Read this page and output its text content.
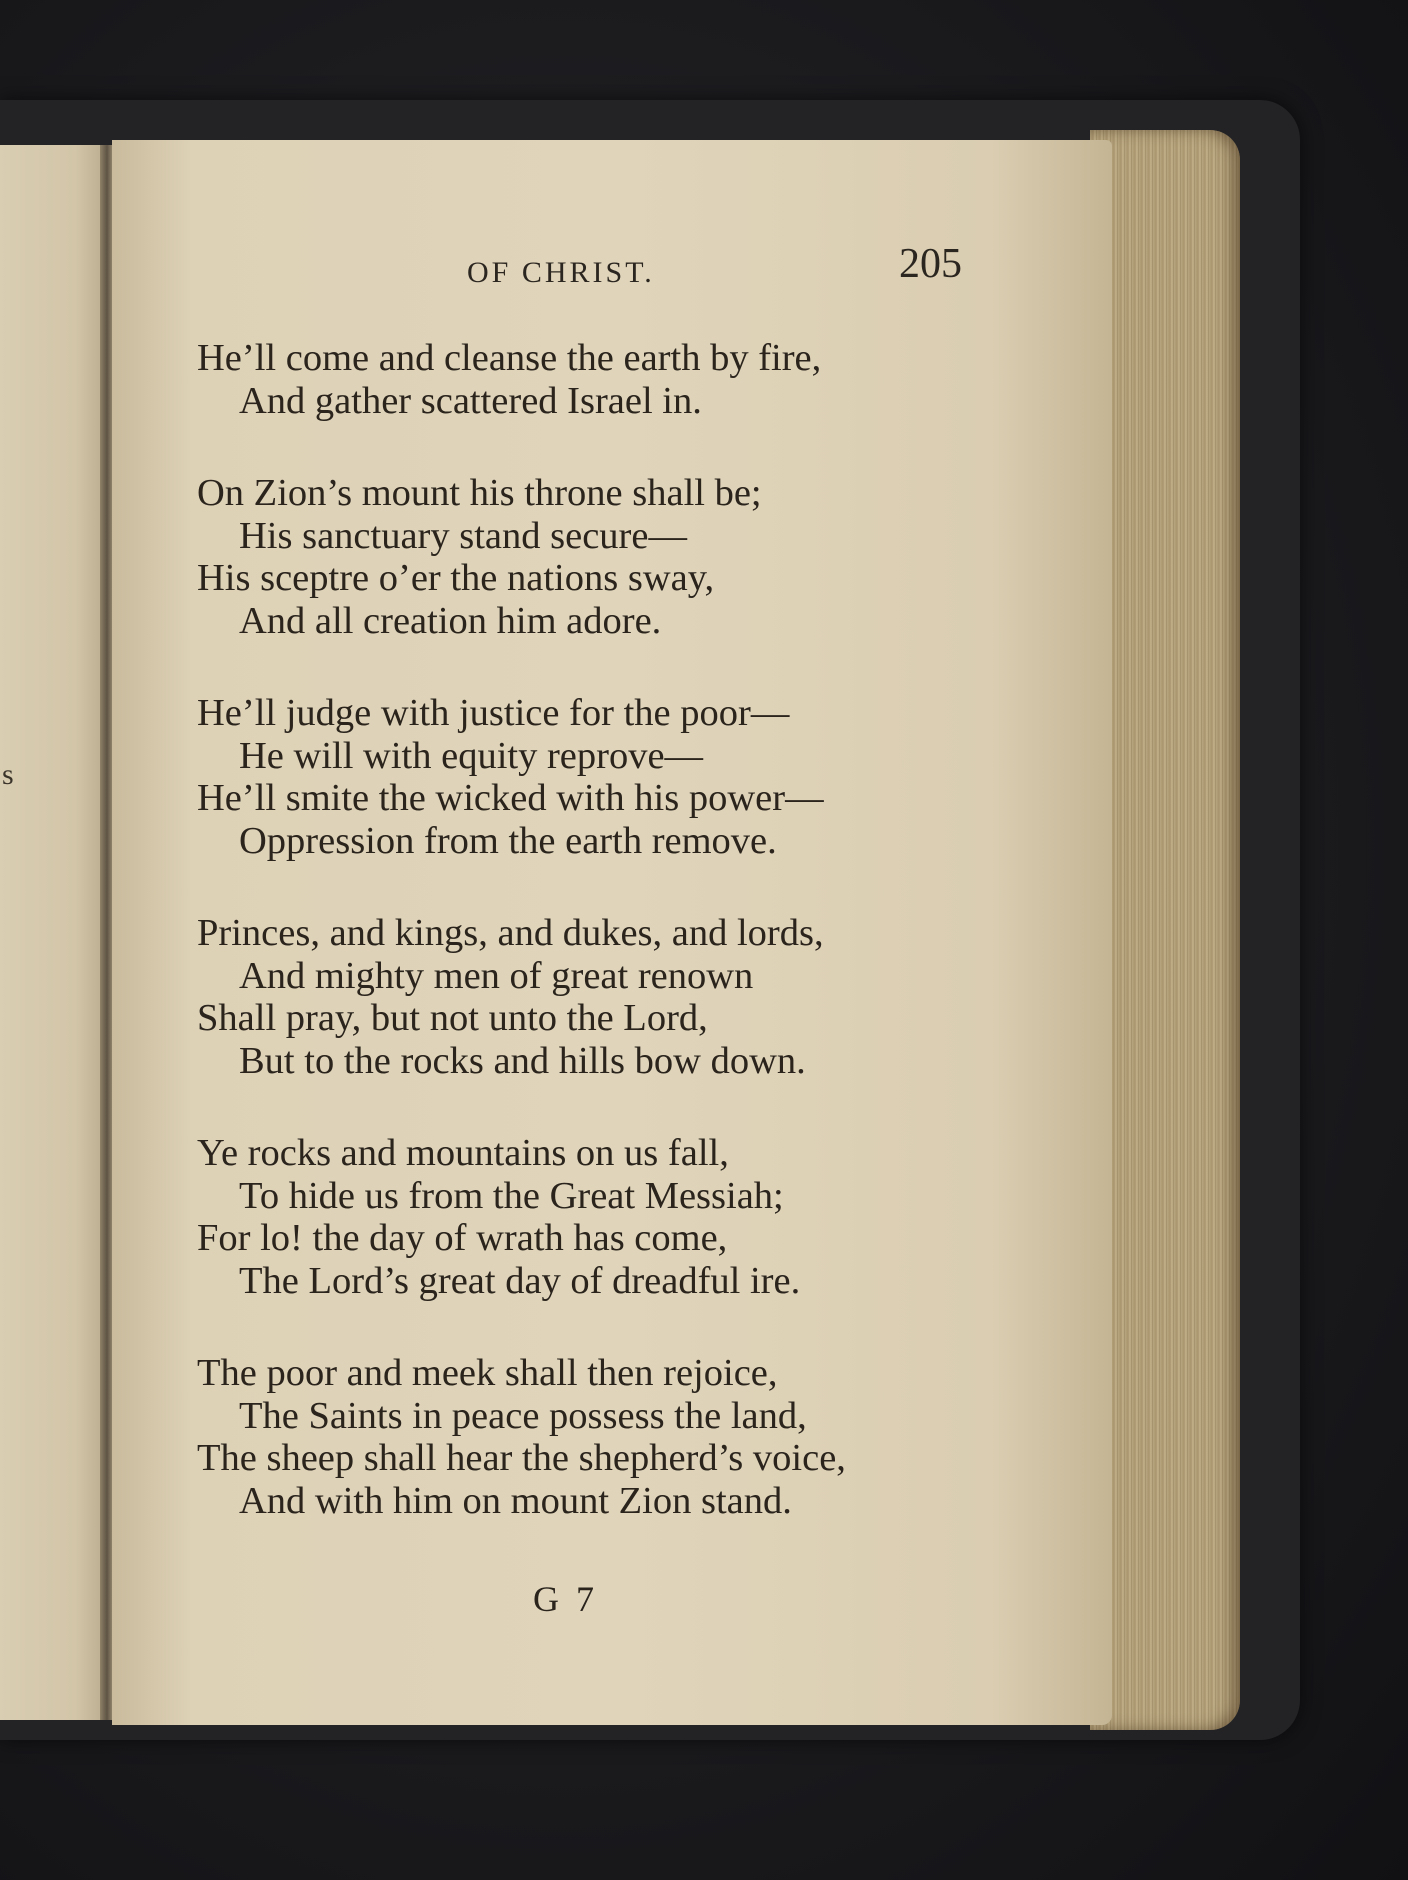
s
OF CHRIST.	205
He’ll come and cleanse the earth by fire,
And gather scattered Israel in.
On Zion’s mount his throne shall be;
His sanctuary stand secure—
His sceptre o’er the nations sway,
And all creation him adore.
He’ll judge with justice for the poor—
He will with equity reprove—
He’ll smite the wicked with his power—
Oppression from the earth remove.
Princes, and kings, and dukes, and lords,
And mighty men of great renown
Shall pray, but not unto the Lord,
But to the rocks and hills bow down.
Ye rocks and mountains on us fall,
To hide us from the Great Messiah;
For lo! the day of wrath has come,
The Lord’s great day of dreadful ire.
The poor and meek shall then rejoice,
The Saints in peace possess the land,
The sheep shall hear the shepherd’s voice,
And with him on mount Zion stand.
G 7
